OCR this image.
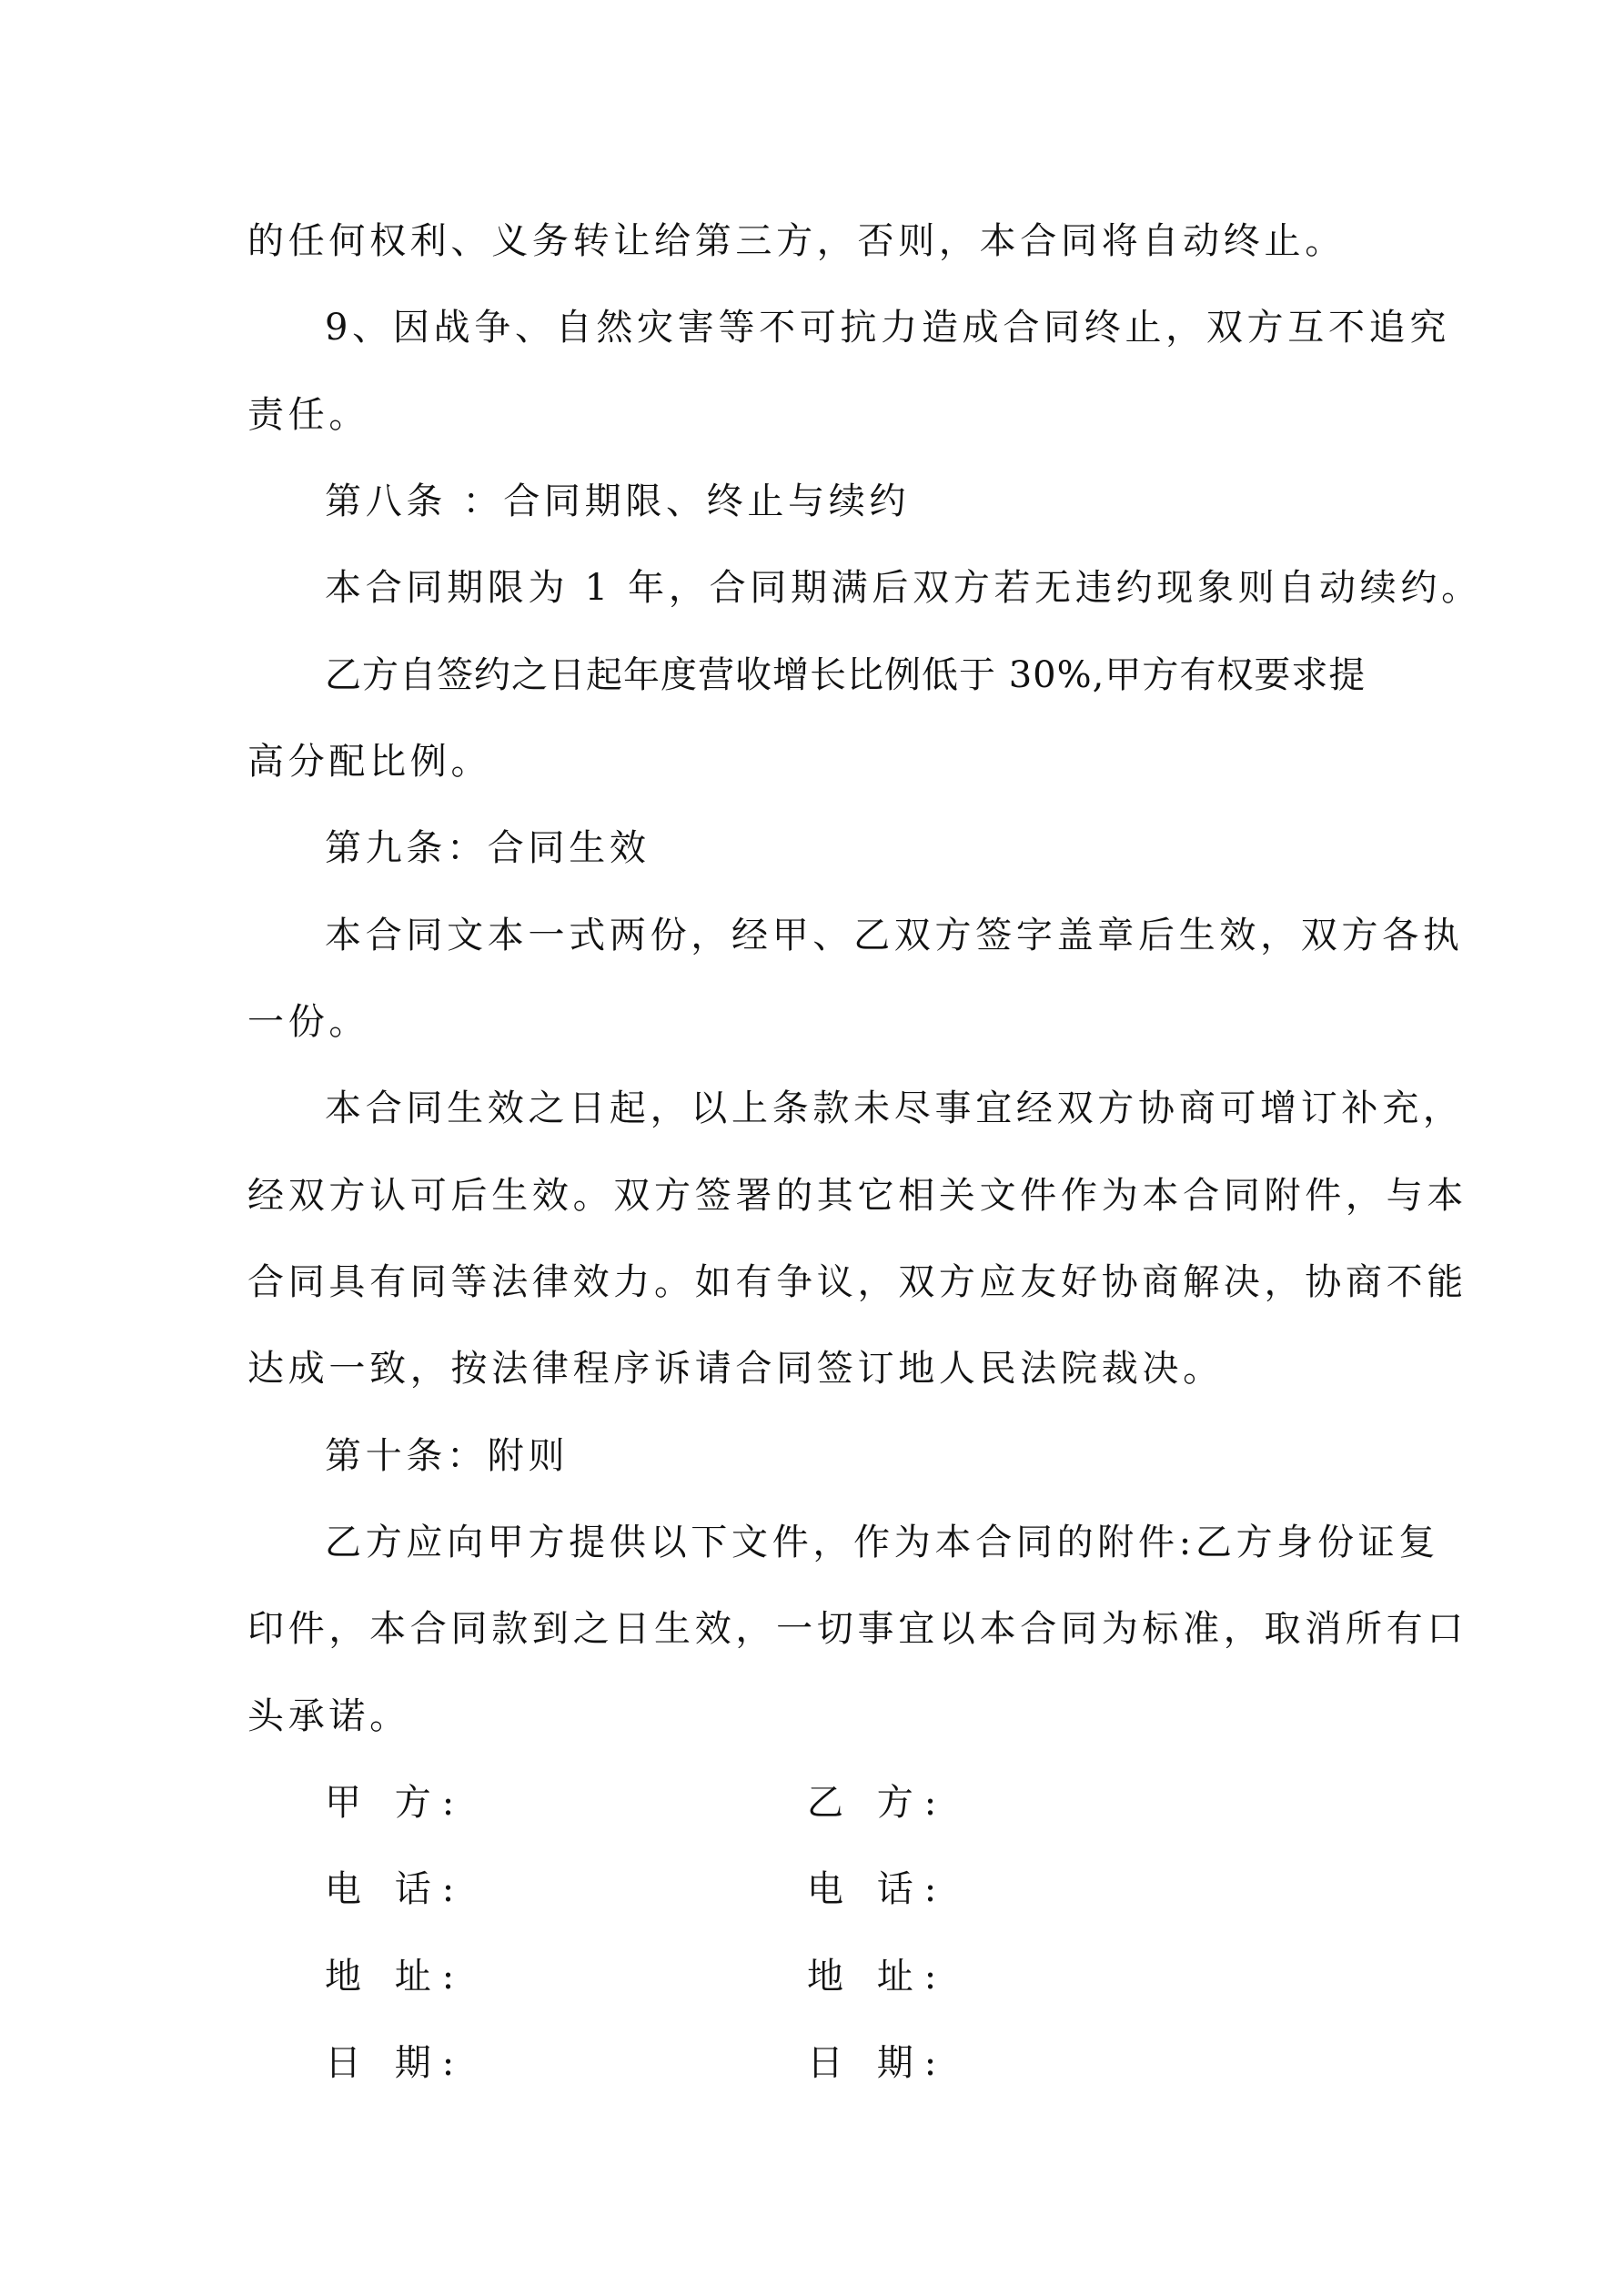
的任何权利、义务转让给第三方，否则，本合同将自动终止。
9、因战争、自然灾害等不可抗力造成合同终止，双方互不追究
责任。
第八条 ：合同期限、终止与续约
本合同期限为 1 年，合同期满后双方若无违约现象则自动续约。
乙方自签约之日起年度营收增长比例低于 30%,甲方有权要求提
高分配比例。
第九条：合同生效
本合同文本一式两份，经甲、乙双方签字盖章后生效，双方各执
一份。
本合同生效之日起，以上条款未尽事宜经双方协商可增订补充，
经双方认可后生效。双方签署的其它相关文件作为本合同附件，与本
合同具有同等法律效力。如有争议，双方应友好协商解决，协商不能
达成一致，按法律程序诉请合同签订地人民法院裁决。
第十条：附则
乙方应向甲方提供以下文件，作为本合同的附件:乙方身份证复
印件，本合同款到之日生效，一切事宜以本合同为标准，取消所有口
头承诺。
甲 方:	乙 方:
电 话:	电 话:
地 址:	地 址:
日 期:	日 期:
